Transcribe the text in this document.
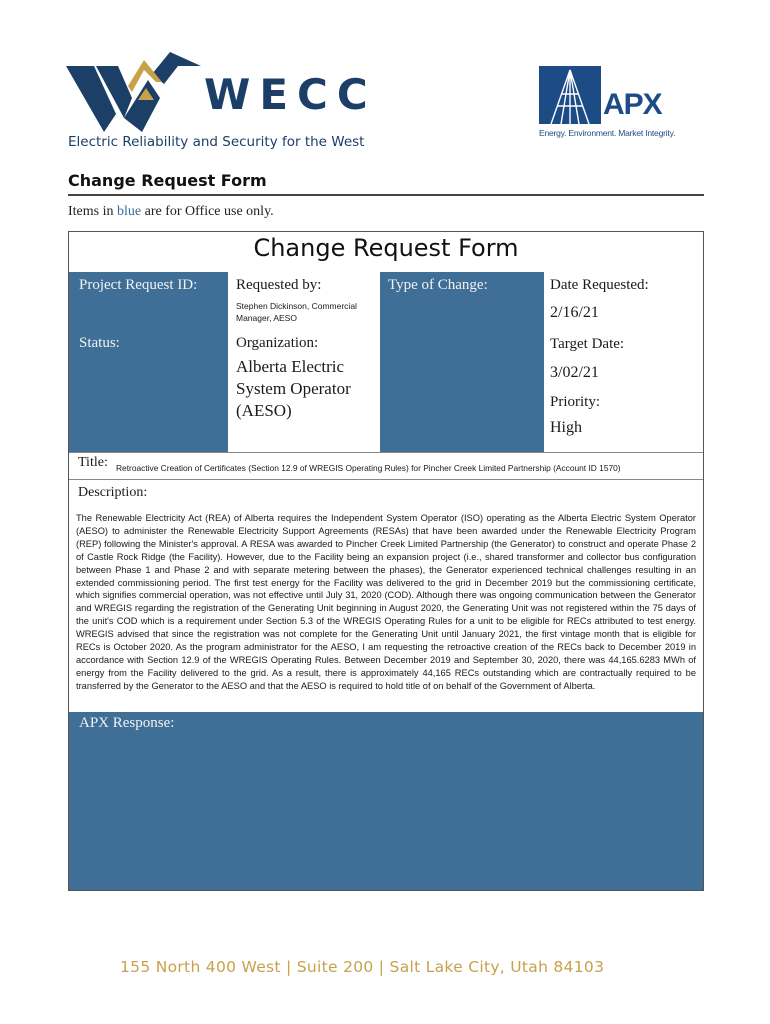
WECC
Electric Reliability and Security for the West
APX
Energy. Environment. Market Integrity.
Change Request Form
Items in blue are for Office use only.
Change Request Form
Project Request ID:
Status:
Requested by:
Stephen Dickinson, Commercial Manager, AESO
Organization:
Alberta Electric System Operator (AESO)
Type of Change:	Date Requested:
2/16/21
Target Date:
3/02/21
Priority:
High
Title: Retroactive Creation of Certificates (Section 12.9 of WREGIS Operating Rules) for Pincher Creek Limited Partnership (Account ID 1570)
Description:
The Renewable Electricity Act (REA) of Alberta requires the Independent System Operator (ISO) operating as the Alberta Electric System Operator (AESO) to administer the Renewable Electricity Support Agreements (RESAs) that have been awarded under the Renewable Electricity Program (REP) following the Minister's approval. A RESA was awarded to Pincher Creek Limited Partnership (the Generator) to construct and operate Phase 2 of Castle Rock Ridge (the Facility). However, due to the Facility being an expansion project (i.e., shared transformer and collector bus configuration between Phase 1 and Phase 2 and with separate metering between the phases), the Generator experienced technical challenges resulting in an extended commissioning period. The first test energy for the Facility was delivered to the grid in December 2019 but the commissioning certificate, which signifies commercial operation, was not effective until July 31, 2020 (COD). Although there was ongoing communication between the Generator and WREGIS regarding the registration of the Generating Unit beginning in August 2020, the Generating Unit was not registered within the 75 days of the unit's COD which is a requirement under Section 5.3 of the WREGIS Operating Rules for a unit to be eligible for RECs attributed to test energy. WREGIS advised that since the registration was not complete for the Generating Unit until January 2021, the first vintage month that is eligible for RECs is October 2020. As the program administrator for the AESO, I am requesting the retroactive creation of the RECs back to December 2019 in accordance with Section 12.9 of the WREGIS Operating Rules. Between December 2019 and September 30, 2020, there was 44,165.6283 MWh of energy from the Facility delivered to the grid. As a result, there is approximately 44,165 RECs outstanding which are contractually required to be transferred by the Generator to the AESO and that the AESO is required to hold title of on behalf of the Government of Alberta.
APX Response:
155 North 400 West | Suite 200 | Salt Lake City, Utah 84103
